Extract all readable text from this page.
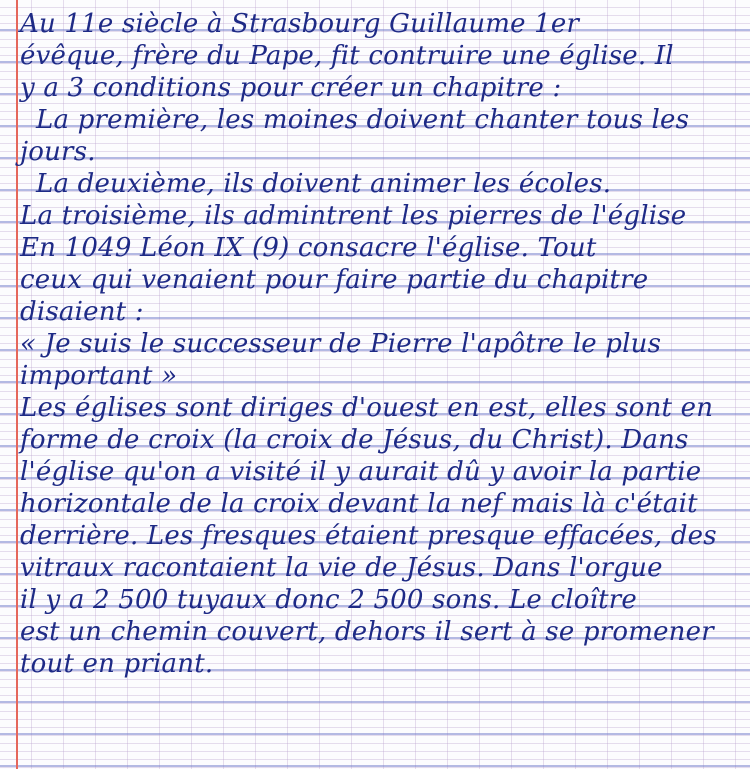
Au 11e siècle à Strasbourg Guillaume 1er
évêque, frère du Pape, fit contruire une église. Il
y a 3 conditions pour créer un chapitre :
La première, les moines doivent chanter tous les
jours.
La deuxième, ils doivent animer les écoles.
La troisième, ils admintrent les pierres de l'église
En 1049 Léon IX (9) consacre l'église. Tout
ceux qui venaient pour faire partie du chapitre
disaient :
« Je suis le successeur de Pierre l'apôtre le plus
important »
Les églises sont diriges d'ouest en est, elles sont en
forme de croix (la croix de Jésus, du Christ). Dans
l'église qu'on a visité il y aurait dû y avoir la partie
horizontale de la croix devant la nef mais là c'était
derrière. Les fresques étaient presque effacées, des
vitraux racontaient la vie de Jésus. Dans l'orgue
il y a 2 500 tuyaux donc 2 500 sons. Le cloître
est un chemin couvert, dehors il sert à se promener
tout en priant.
